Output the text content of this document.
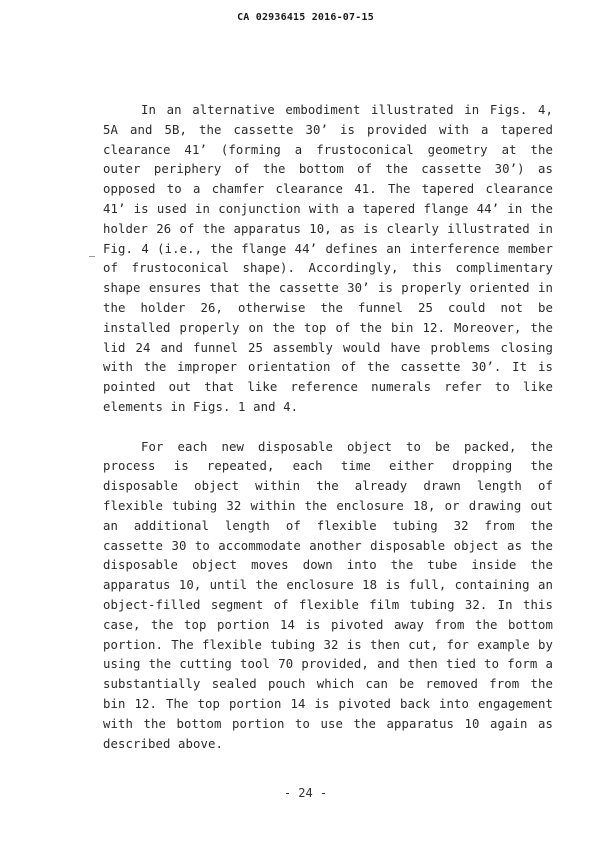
CA 02936415 2016-07-15

In an alternative embodiment illustrated in Figs. 4, 5A and 5B, the cassette 30’ is provided with a tapered clearance 41’ (forming a frustoconical geometry at the outer periphery of the bottom of the cassette 30’) as opposed to a chamfer clearance 41. The tapered clearance 41’ is used in conjunction with a tapered flange 44’ in the holder 26 of the apparatus 10, as is clearly illustrated in Fig. 4 (i.e., the flange 44’ defines an interference member of frustoconical shape). Accordingly, this complimentary shape ensures that the cassette 30’ is properly oriented in the holder 26, otherwise the funnel 25 could not be installed properly on the top of the bin 12. Moreover, the lid 24 and funnel 25 assembly would have problems closing with the improper orientation of the cassette 30’. It is pointed out that like reference numerals refer to like elements in Figs. 1 and 4.

For each new disposable object to be packed, the process is repeated, each time either dropping the disposable object within the already drawn length of flexible tubing 32 within the enclosure 18, or drawing out an additional length of flexible tubing 32 from the cassette 30 to accommodate another disposable object as the disposable object moves down into the tube inside the apparatus 10, until the enclosure 18 is full, containing an object-filled segment of flexible film tubing 32. In this case, the top portion 14 is pivoted away from the bottom portion. The flexible tubing 32 is then cut, for example by using the cutting tool 70 provided, and then tied to form a substantially sealed pouch which can be removed from the bin 12. The top portion 14 is pivoted back into engagement with the bottom portion to use the apparatus 10 again as described above.

- 24 -
